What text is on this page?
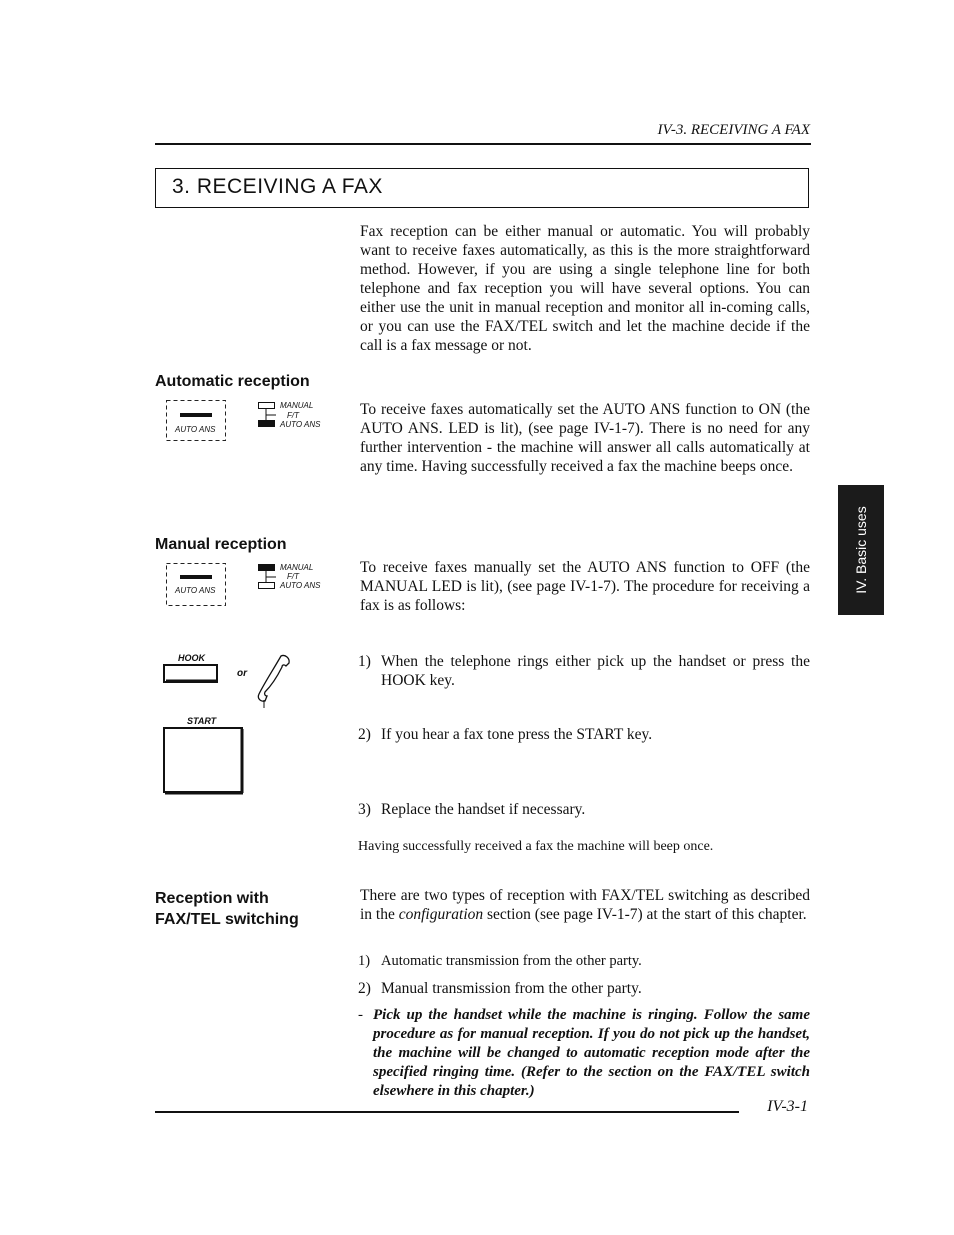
IV-3. RECEIVING A FAX
3. RECEIVING A FAX
Fax reception can be either manual or automatic. You will probably want to receive faxes automatically, as this is the more straightforward method. However, if you are using a single telephone line for both telephone and fax reception you will have several options. You can either use the unit in manual reception and monitor all in-coming calls, or you can use the FAX/TEL switch and let the machine decide if the call is a fax message or not.
Automatic reception
AUTO ANS
MANUAL
F/T
AUTO ANS
To receive faxes automatically set the AUTO ANS function to ON (the AUTO ANS. LED is lit), (see page IV-1-7). There is no need for any further intervention - the machine will answer all calls automatically at any time. Having successfully received a fax the machine beeps once.
IV. Basic uses
Manual reception
AUTO ANS
MANUAL
F/T
AUTO ANS
To receive faxes manually set the AUTO ANS function to OFF (the MANUAL LED is lit), (see page IV-1-7). The procedure for receiving a fax is as follows:
HOOK
or
START
1) When the telephone rings either pick up the handset or press the HOOK key.
2) If you hear a fax tone press the START key.
3) Replace the handset if necessary.
Having successfully received a fax the machine will beep once.
Reception with
FAX/TEL switching
There are two types of reception with FAX/TEL switching as described in the configuration section (see page IV-1-7) at the start of this chapter.
1) Automatic transmission from the other party.
2) Manual transmission from the other party.
- Pick up the handset while the machine is ringing. Follow the same procedure as for manual reception. If you do not pick up the handset, the machine will be changed to automatic reception mode after the specified ringing time. (Refer to the section on the FAX/TEL switch elsewhere in this chapter.)
IV-3-1
